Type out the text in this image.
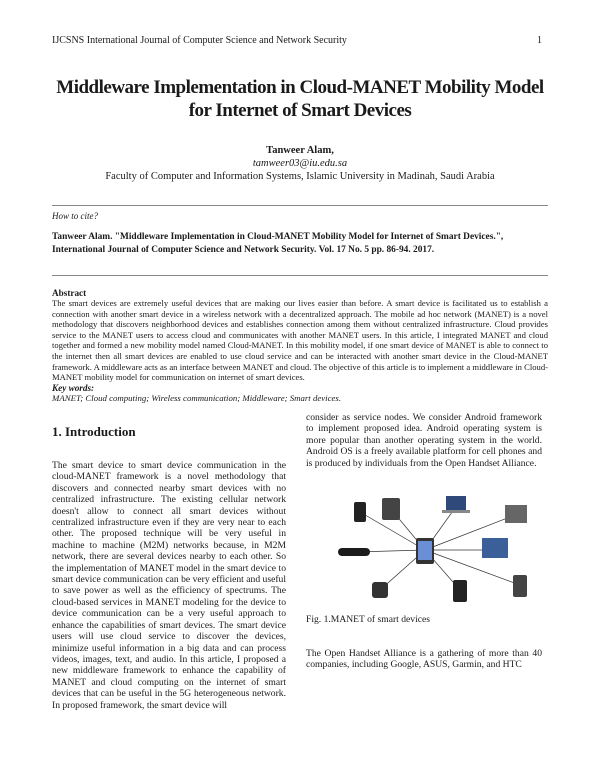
IJCSNS International Journal of Computer Science and Network Security	1
Middleware Implementation in Cloud-MANET Mobility Model
for Internet of Smart Devices
Tanweer Alam,
tamweer03@iu.edu.sa
Faculty of Computer and Information Systems, Islamic University in Madinah, Saudi Arabia
How to cite?
Tanweer Alam. "Middleware Implementation in Cloud-MANET Mobility Model for Internet of Smart Devices.",
International Journal of Computer Science and Network Security. Vol. 17 No. 5 pp. 86-94. 2017.
Abstract
The smart devices are extremely useful devices that are making our lives easier than before. A smart device is facilitated us to establish a connection with another smart device in a wireless network with a decentralized approach. The mobile ad hoc network (MANET) is a novel methodology that discovers neighborhood devices and establishes connection among them without centralized infrastructure. Cloud provides service to the MANET users to access cloud and communicates with another MANET users. In this article, I integrated MANET and cloud together and formed a new mobility model named Cloud-MANET. In this mobility model, if one smart device of MANET is able to connect to the internet then all smart devices are enabled to use cloud service and can be interacted with another smart device in the Cloud-MANET framework. A middleware acts as an interface between MANET and cloud. The objective of this article is to implement a middleware in Cloud-MANET mobility model for communication on internet of smart devices.
Key words:
MANET; Cloud computing; Wireless communication; Middleware; Smart devices.
1. Introduction
The smart device to smart device communication in the cloud-MANET framework is a novel methodology that discovers and connected nearby smart devices with no centralized infrastructure. The existing cellular network doesn't allow to connect all smart devices without centralized infrastructure even if they are very near to each other. The proposed technique will be very useful in machine to machine (M2M) networks because, in M2M network, there are several devices nearby to each other. So the implementation of MANET model in the smart device to smart device communication can be very efficient and useful to save power as well as the efficiency of spectrums. The cloud-based services in MANET modeling for the device to device communication can be a very useful approach to enhance the capabilities of smart devices. The smart device users will use cloud service to discover the devices, minimize useful information in a big data and can process videos, images, text, and audio. In this article, I proposed a new middleware framework to enhance the capability of MANET and cloud computing on the internet of smart devices that can be useful in the 5G heterogeneous network. In proposed framework, the smart device will
consider as service nodes. We consider Android framework to implement proposed idea. Android operating system is more popular than another operating system in the world. Android OS is a freely available platform for cell phones and is produced by individuals from the Open Handset Alliance.
Fig. 1.MANET of smart devices
The Open Handset Alliance is a gathering of more than 40 companies, including Google, ASUS, Garmin, and HTC
